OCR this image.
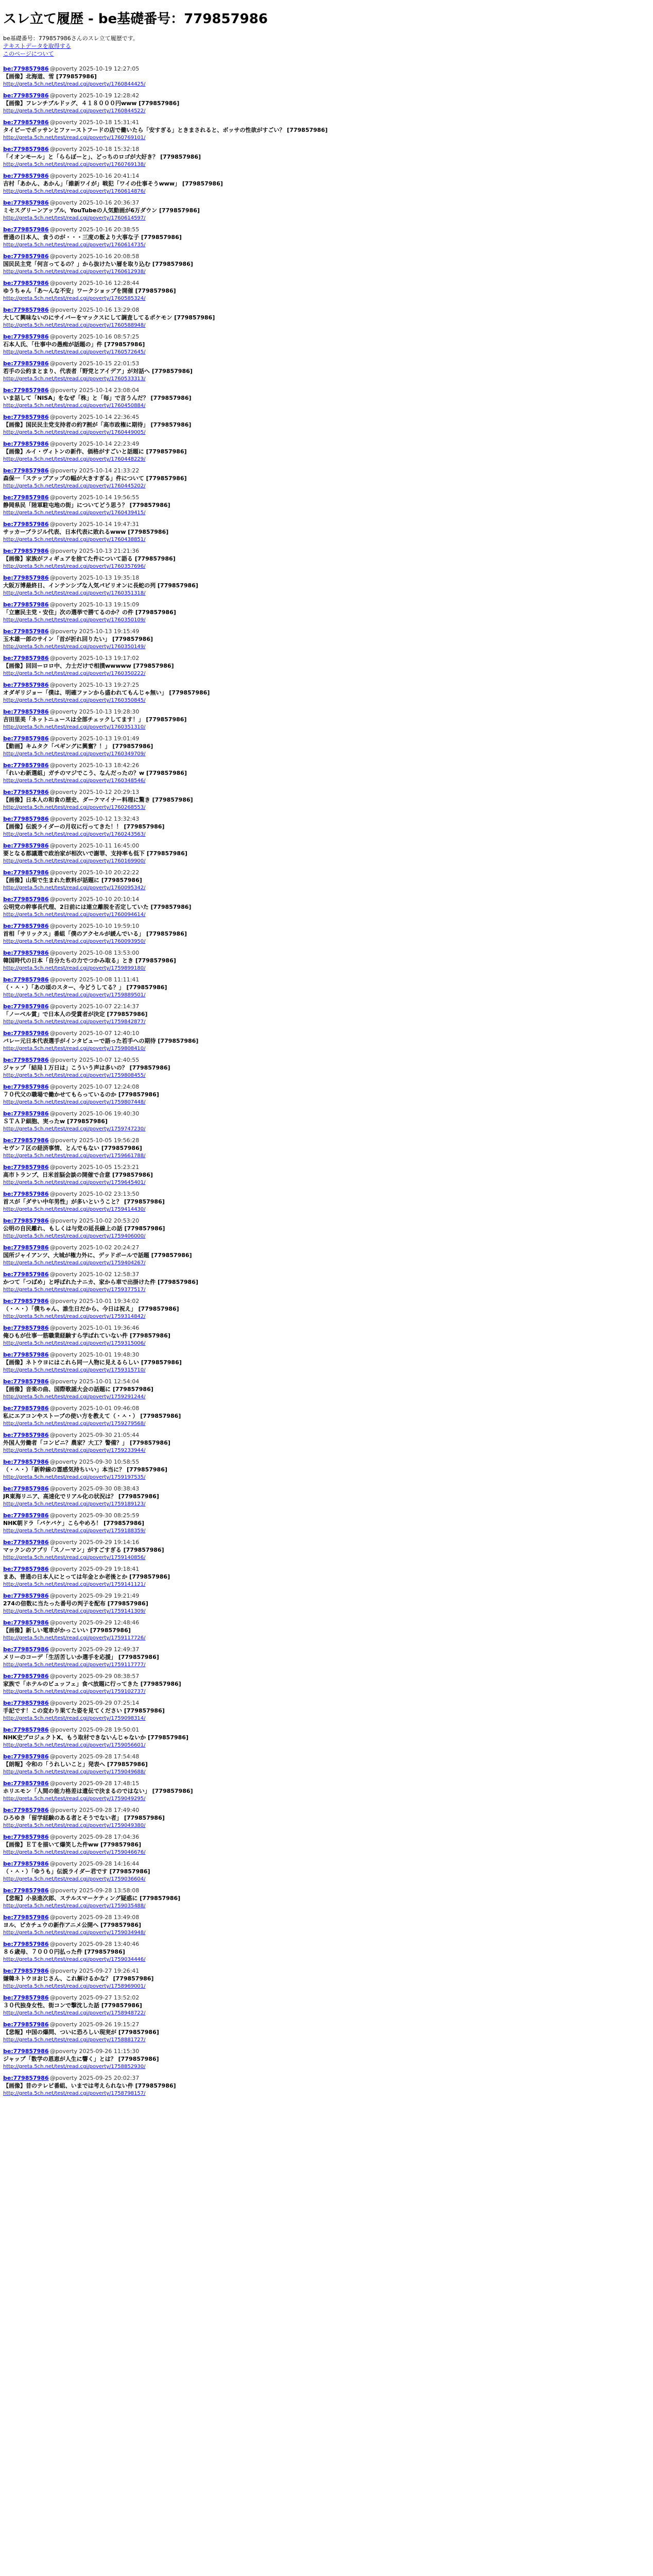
スレ立て履歴 - be基礎番号：779857986
be基礎番号：779857986さんのスレ立て履歴です。
テキストデータを取得する
このページについて
be:779857986 @poverty 2025-10-19 12:27:05
【画像】北海道、雪 [779857986]
http://greta.5ch.net/test/read.cgi/poverty/1760844425/
be:779857986 @poverty 2025-10-19 12:28:42
【画像】フレンチブルドッグ、４１８０００円www [779857986]
http://greta.5ch.net/test/read.cgi/poverty/1760844522/
be:779857986 @poverty 2025-10-18 15:31:41
タイピーでボッサンとファーストフードの店で働いたら「安すぎる」ときまされると、ボッサの性欲がすごい？ [779857986]
http://greta.5ch.net/test/read.cgi/poverty/1760769101/
be:779857986 @poverty 2025-10-18 15:32:18
「イオンモール」と「ららぽーと」、どっちのロゴが大好き？ [779857986]
http://greta.5ch.net/test/read.cgi/poverty/1760769138/
be:779857986 @poverty 2025-10-16 20:41:14
吉村「あかん、あかん」「維新ワイが」戦犯「ワイの仕事そうwww」 [779857986]
http://greta.5ch.net/test/read.cgi/poverty/1760614876/
be:779857986 @poverty 2025-10-16 20:36:37
ミセスグリーンアップル、YouTubeの人気動画が6万ダウン [779857986]
http://greta.5ch.net/test/read.cgi/poverty/1760614597/
be:779857986 @poverty 2025-10-16 20:38:55
普通の日本人、食うのが・・・三度の飯より大事な子 [779857986]
http://greta.5ch.net/test/read.cgi/poverty/1760614735/
be:779857986 @poverty 2025-10-16 20:08:58
国民民主党「何言ってるの？」から抜けたい層を取り込む [779857986]
http://greta.5ch.net/test/read.cgi/poverty/1760612938/
be:779857986 @poverty 2025-10-16 12:28:44
ゆうちゃん「あ〜んな不安」ワークショップを開催 [779857986]
http://greta.5ch.net/test/read.cgi/poverty/1760585324/
be:779857986 @poverty 2025-10-16 13:29:08
大して興味ないのにサイバーをマックスにして調査してるポケモン [779857986]
http://greta.5ch.net/test/read.cgi/poverty/1760588948/
be:779857986 @poverty 2025-10-16 08:57:25
石本人氏、「仕事中の愚痴が話題の」件 [779857986]
http://greta.5ch.net/test/read.cgi/poverty/1760572645/
be:779857986 @poverty 2025-10-15 22:01:53
若手の公約まとまり、代表者「野党とアイデア」が対話へ [779857986]
http://greta.5ch.net/test/read.cgi/poverty/1760533313/
be:779857986 @poverty 2025-10-14 23:08:04
いま話して「NISA」をなぜ「株」と「毎」で言うんだ？ [779857986]
http://greta.5ch.net/test/read.cgi/poverty/1760450884/
be:779857986 @poverty 2025-10-14 22:36:45
【画像】国民民主党支持者の約7割が「高市政権に期待」 [779857986]
http://greta.5ch.net/test/read.cgi/poverty/1760449005/
be:779857986 @poverty 2025-10-14 22:23:49
【画像】ルイ・ヴィトンの新作、価格がすごいと話題に [779857986]
http://greta.5ch.net/test/read.cgi/poverty/1760448229/
be:779857986 @poverty 2025-10-14 21:33:22
森保一「ステップアップの幅が大きすぎる」件について [779857986]
http://greta.5ch.net/test/read.cgi/poverty/1760445202/
be:779857986 @poverty 2025-10-14 19:56:55
静岡県民「陸軍駐屯地の街」についてどう思う？ [779857986]
http://greta.5ch.net/test/read.cgi/poverty/1760439415/
be:779857986 @poverty 2025-10-14 19:47:31
サッカーブラジル代表、日本代表に敗れるwww [779857986]
http://greta.5ch.net/test/read.cgi/poverty/1760438851/
be:779857986 @poverty 2025-10-13 21:21:36
【画像】家族がフィギュアを捨てた件について語る [779857986]
http://greta.5ch.net/test/read.cgi/poverty/1760357696/
be:779857986 @poverty 2025-10-13 19:35:18
大阪万博最終日、インテンシブな人気パビリオンに長蛇の列 [779857986]
http://greta.5ch.net/test/read.cgi/poverty/1760351318/
be:779857986 @poverty 2025-10-13 19:15:09
「立憲民主党・安住」次の選挙で勝てるのか？の件 [779857986]
http://greta.5ch.net/test/read.cgi/poverty/1760350109/
be:779857986 @poverty 2025-10-13 19:15:49
玉木雄一郎のサイン「首が折れ回りたい」 [779857986]
http://greta.5ch.net/test/read.cgi/poverty/1760350149/
be:779857986 @poverty 2025-10-13 19:17:02
【画像】回回ーロロ中、力士だけで相撲wwwww [779857986]
http://greta.5ch.net/test/read.cgi/poverty/1760350222/
be:779857986 @poverty 2025-10-13 19:27:25
オダギリジョー「僕は、明確ファンから盛われてもんじゃ無い」 [779857986]
http://greta.5ch.net/test/read.cgi/poverty/1760350845/
be:779857986 @poverty 2025-10-13 19:28:30
吉田里美「ネットニュースは全部チェックしてます！」 [779857986]
http://greta.5ch.net/test/read.cgi/poverty/1760351310/
be:779857986 @poverty 2025-10-13 19:01:49
【動画】キムタク「ペギングに興奮？！」 [779857986]
http://greta.5ch.net/test/read.cgi/poverty/1760349709/
be:779857986 @poverty 2025-10-13 18:42:26
「れいわ新選組」ガチのマジでこう、なんだったの？w [779857986]
http://greta.5ch.net/test/read.cgi/poverty/1760348546/
be:779857986 @poverty 2025-10-12 20:29:13
【画像】日本人の和食の歴史、ダークマイナー料理に驚き [779857986]
http://greta.5ch.net/test/read.cgi/poverty/1760268553/
be:779857986 @poverty 2025-10-12 13:32:43
【画像】伝説ライダーの月収に行ってきた！！ [779857986]
http://greta.5ch.net/test/read.cgi/poverty/1760243563/
be:779857986 @poverty 2025-10-11 16:45:00
要となる都議選で政治家が相次いで謝罪、支持率も低下 [779857986]
http://greta.5ch.net/test/read.cgi/poverty/1760169900/
be:779857986 @poverty 2025-10-10 20:22:22
【画像】山梨で生まれた飲料が話題に [779857986]
http://greta.5ch.net/test/read.cgi/poverty/1760095342/
be:779857986 @poverty 2025-10-10 20:10:14
公明党の幹事長代理、2日前には連立離脱を否定していた [779857986]
http://greta.5ch.net/test/read.cgi/poverty/1760094614/
be:779857986 @poverty 2025-10-10 19:59:10
首相「サリックス」番組「僕のアクセルが緩んでいる」 [779857986]
http://greta.5ch.net/test/read.cgi/poverty/1760093950/
be:779857986 @poverty 2025-10-08 13:53:00
韓国時代の日本「自分たちの力でつかみ取る」とき [779857986]
http://greta.5ch.net/test/read.cgi/poverty/1759899180/
be:779857986 @poverty 2025-10-08 11:11:41
（・ㅅ・）「あの頃のスター、今どうしてる？」 [779857986]
http://greta.5ch.net/test/read.cgi/poverty/1759889501/
be:779857986 @poverty 2025-10-07 22:14:37
「ノーベル賞」で日本人の受賞者が決定 [779857986]
http://greta.5ch.net/test/read.cgi/poverty/1759842877/
be:779857986 @poverty 2025-10-07 12:40:10
バレー元日本代表選手がインタビューで語った若手への期待 [779857986]
http://greta.5ch.net/test/read.cgi/poverty/1759808410/
be:779857986 @poverty 2025-10-07 12:40:55
ジャップ「結局１万日は」こういう声は多いの？ [779857986]
http://greta.5ch.net/test/read.cgi/poverty/1759808455/
be:779857986 @poverty 2025-10-07 12:24:08
７０代父の職場で働かせてもらっているのか [779857986]
http://greta.5ch.net/test/read.cgi/poverty/1759807448/
be:779857986 @poverty 2025-10-06 19:40:30
ＳＴＡＰ細胞、実ったw [779857986]
http://greta.5ch.net/test/read.cgi/poverty/1759747230/
be:779857986 @poverty 2025-10-05 19:56:28
セヴン７区の経済事情、とんでもない [779857986]
http://greta.5ch.net/test/read.cgi/poverty/1759661788/
be:779857986 @poverty 2025-10-05 15:23:21
高市トランプ、日米首脳会談の開催で合意 [779857986]
http://greta.5ch.net/test/read.cgi/poverty/1759645401/
be:779857986 @poverty 2025-10-02 23:13:50
首スが「ダサい中年男性」が多いということ？ [779857986]
http://greta.5ch.net/test/read.cgi/poverty/1759414430/
be:779857986 @poverty 2025-10-02 20:53:20
公明の自民離れ、もしくは与党の延長線上の話 [779857986]
http://greta.5ch.net/test/read.cgi/poverty/1759406000/
be:779857986 @poverty 2025-10-02 20:24:27
国所ジャイアンツ、大城が権力外に、デッドボールで話題 [779857986]
http://greta.5ch.net/test/read.cgi/poverty/1759404267/
be:779857986 @poverty 2025-10-02 12:58:37
かつて「つばめ」と呼ばれたナニカ、家から車で出掛けた件 [779857986]
http://greta.5ch.net/test/read.cgi/poverty/1759377517/
be:779857986 @poverty 2025-10-01 19:34:02
（・ㅅ・）「僕ちゃん、誰生日だから、今日は祝え」 [779857986]
http://greta.5ch.net/test/read.cgi/poverty/1759314842/
be:779857986 @poverty 2025-10-01 19:36:46
俺ひもが仕事一筋職業経験すら学ばれていない件 [779857986]
http://greta.5ch.net/test/read.cgi/poverty/1759315006/
be:779857986 @poverty 2025-10-01 19:48:30
【画像】ネトウヨにはこれら同一人物に見えるらしい [779857986]
http://greta.5ch.net/test/read.cgi/poverty/1759315710/
be:779857986 @poverty 2025-10-01 12:54:04
【画像】音楽の曲、国際歌謡大会の話題に [779857986]
http://greta.5ch.net/test/read.cgi/poverty/1759291244/
be:779857986 @poverty 2025-10-01 09:46:08
私にエアコンやストーブの使い方を教えて（・ㅅ・） [779857986]
http://greta.5ch.net/test/read.cgi/poverty/1759279568/
be:779857986 @poverty 2025-09-30 21:05:44
外国人労働者「コンビニ？農家？大工？警備？」 [779857986]
http://greta.5ch.net/test/read.cgi/poverty/1759233944/
be:779857986 @poverty 2025-09-30 10:58:55
（・ㅅ・）「新幹線の霊感気持ちいい」本当に？ [779857986]
http://greta.5ch.net/test/read.cgi/poverty/1759197535/
be:779857986 @poverty 2025-09-30 08:38:43
JR東海リニア、高速化でリアル化の状況は？ [779857986]
http://greta.5ch.net/test/read.cgi/poverty/1759189123/
be:779857986 @poverty 2025-09-30 08:25:59
NHK朝ドラ「バケバケ」こらやめろ！ [779857986]
http://greta.5ch.net/test/read.cgi/poverty/1759188359/
be:779857986 @poverty 2025-09-29 19:14:16
マックンのアプリ「スノーマン」がすごすぎる [779857986]
http://greta.5ch.net/test/read.cgi/poverty/1759140856/
be:779857986 @poverty 2025-09-29 19:18:41
まあ、普通の日本人にとっては年金とか老後とか [779857986]
http://greta.5ch.net/test/read.cgi/poverty/1759141121/
be:779857986 @poverty 2025-09-29 19:21:49
274の倍数に当たった番号の判子を配布 [779857986]
http://greta.5ch.net/test/read.cgi/poverty/1759141309/
be:779857986 @poverty 2025-09-29 12:48:46
【画像】新しい電車がかっこいい [779857986]
http://greta.5ch.net/test/read.cgi/poverty/1759117726/
be:779857986 @poverty 2025-09-29 12:49:37
メリーのコーデ「生活苦しいか選手を応援」 [779857986]
http://greta.5ch.net/test/read.cgi/poverty/1759117777/
be:779857986 @poverty 2025-09-29 08:38:57
家族で「ホテルのビュッフェ」食べ放題に行ってきた [779857986]
http://greta.5ch.net/test/read.cgi/poverty/1759102737/
be:779857986 @poverty 2025-09-29 07:25:14
手記です！この変わり果てた姿を見てください [779857986]
http://greta.5ch.net/test/read.cgi/poverty/1759098314/
be:779857986 @poverty 2025-09-28 19:50:01
NHK史プロジェクトX、もう取材できないんじゃないか [779857986]
http://greta.5ch.net/test/read.cgi/poverty/1759056601/
be:779857986 @poverty 2025-09-28 17:54:48
【朗報】令和の「うれしいこと」発表へ [779857986]
http://greta.5ch.net/test/read.cgi/poverty/1759049688/
be:779857986 @poverty 2025-09-28 17:48:15
ホリエモン「人間の能力格差は遺伝で決まるのではない」 [779857986]
http://greta.5ch.net/test/read.cgi/poverty/1759049295/
be:779857986 @poverty 2025-09-28 17:49:40
ひろゆき「留学経験のある者とそうでない者」 [779857986]
http://greta.5ch.net/test/read.cgi/poverty/1759049380/
be:779857986 @poverty 2025-09-28 17:04:36
【画像】ＥＴを描いて爆笑した件ww [779857986]
http://greta.5ch.net/test/read.cgi/poverty/1759046676/
be:779857986 @poverty 2025-09-28 14:16:44
（・ㅅ・）「ゆうも」伝説ライダー君です [779857986]
http://greta.5ch.net/test/read.cgi/poverty/1759036604/
be:779857986 @poverty 2025-09-28 13:58:08
【悲報】小泉進次郎、ステルスマーケティング疑惑に [779857986]
http://greta.5ch.net/test/read.cgi/poverty/1759035488/
be:779857986 @poverty 2025-09-28 13:49:08
ヨル、ピカチュウの新作アニメ公開へ [779857986]
http://greta.5ch.net/test/read.cgi/poverty/1759034948/
be:779857986 @poverty 2025-09-28 13:40:46
８６歳母、７０００円払った件 [779857986]
http://greta.5ch.net/test/read.cgi/poverty/1759034446/
be:779857986 @poverty 2025-09-27 19:26:41
嫌韓ネトウヨおじさん、これ解けるかな？ [779857986]
http://greta.5ch.net/test/read.cgi/poverty/1758969001/
be:779857986 @poverty 2025-09-27 13:52:02
３０代独身女性、街コンで撃沈した話 [779857986]
http://greta.5ch.net/test/read.cgi/poverty/1758948722/
be:779857986 @poverty 2025-09-26 19:15:27
【悲報】中国の爆問、ついに恐ろしい現実が [779857986]
http://greta.5ch.net/test/read.cgi/poverty/1758881727/
be:779857986 @poverty 2025-09-26 11:15:30
ジャップ「数学の恩恵が人生に響く」とは？ [779857986]
http://greta.5ch.net/test/read.cgi/poverty/1758852930/
be:779857986 @poverty 2025-09-25 20:02:37
【画像】昔のテレビ番組、いまでは考えられない件 [779857986]
http://greta.5ch.net/test/read.cgi/poverty/1758798157/
